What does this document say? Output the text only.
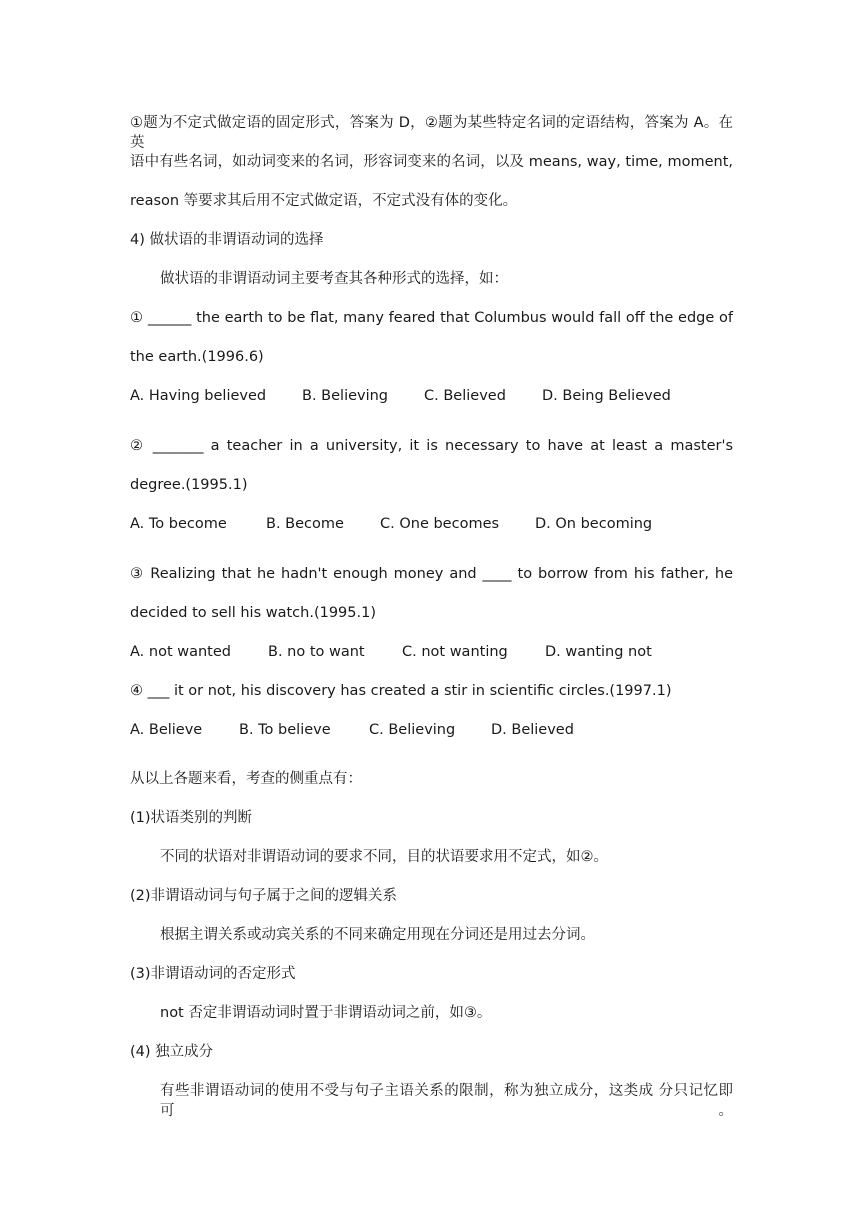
①题为不定式做定语的固定形式，答案为 D，②题为某些特定名词的定语结构，答案为 A。在英
语中有些名词，如动词变来的名词，形容词变来的名词，以及 means, way, time, moment,
reason 等要求其后用不定式做定语，不定式没有体的变化。
4) 做状语的非谓语动词的选择
做状语的非谓语动词主要考查其各种形式的选择，如：
① ______ the earth to be flat, many feared that Columbus would fall off the edge of
the earth.(1996.6)
A. Having believed	B. Believing	C. Believed	D. Being Believed
② _______ a teacher in a university, it is necessary to have at least a master's
degree.(1995.1)
A. To become	B. Become	C. One becomes	D. On becoming
③ Realizing that he hadn't enough money and ____ to borrow from his father, he
decided to sell his watch.(1995.1)
A. not wanted	B. no to want	C. not wanting	D. wanting not
④ ___ it or not, his discovery has created a stir in scientific circles.(1997.1)
A. Believe	B. To believe	C. Believing	D. Believed
从以上各题来看，考查的侧重点有：
(1)状语类别的判断
不同的状语对非谓语动词的要求不同，目的状语要求用不定式，如②。
(2)非谓语动词与句子属于之间的逻辑关系
根据主谓关系或动宾关系的不同来确定用现在分词还是用过去分词。
(3)非谓语动词的否定形式
not 否定非谓语动词时置于非谓语动词之前，如③。
(4) 独立成分
有些非谓语动词的使用不受与句子主语关系的限制，称为独立成分，这类成 分只记忆即可。
